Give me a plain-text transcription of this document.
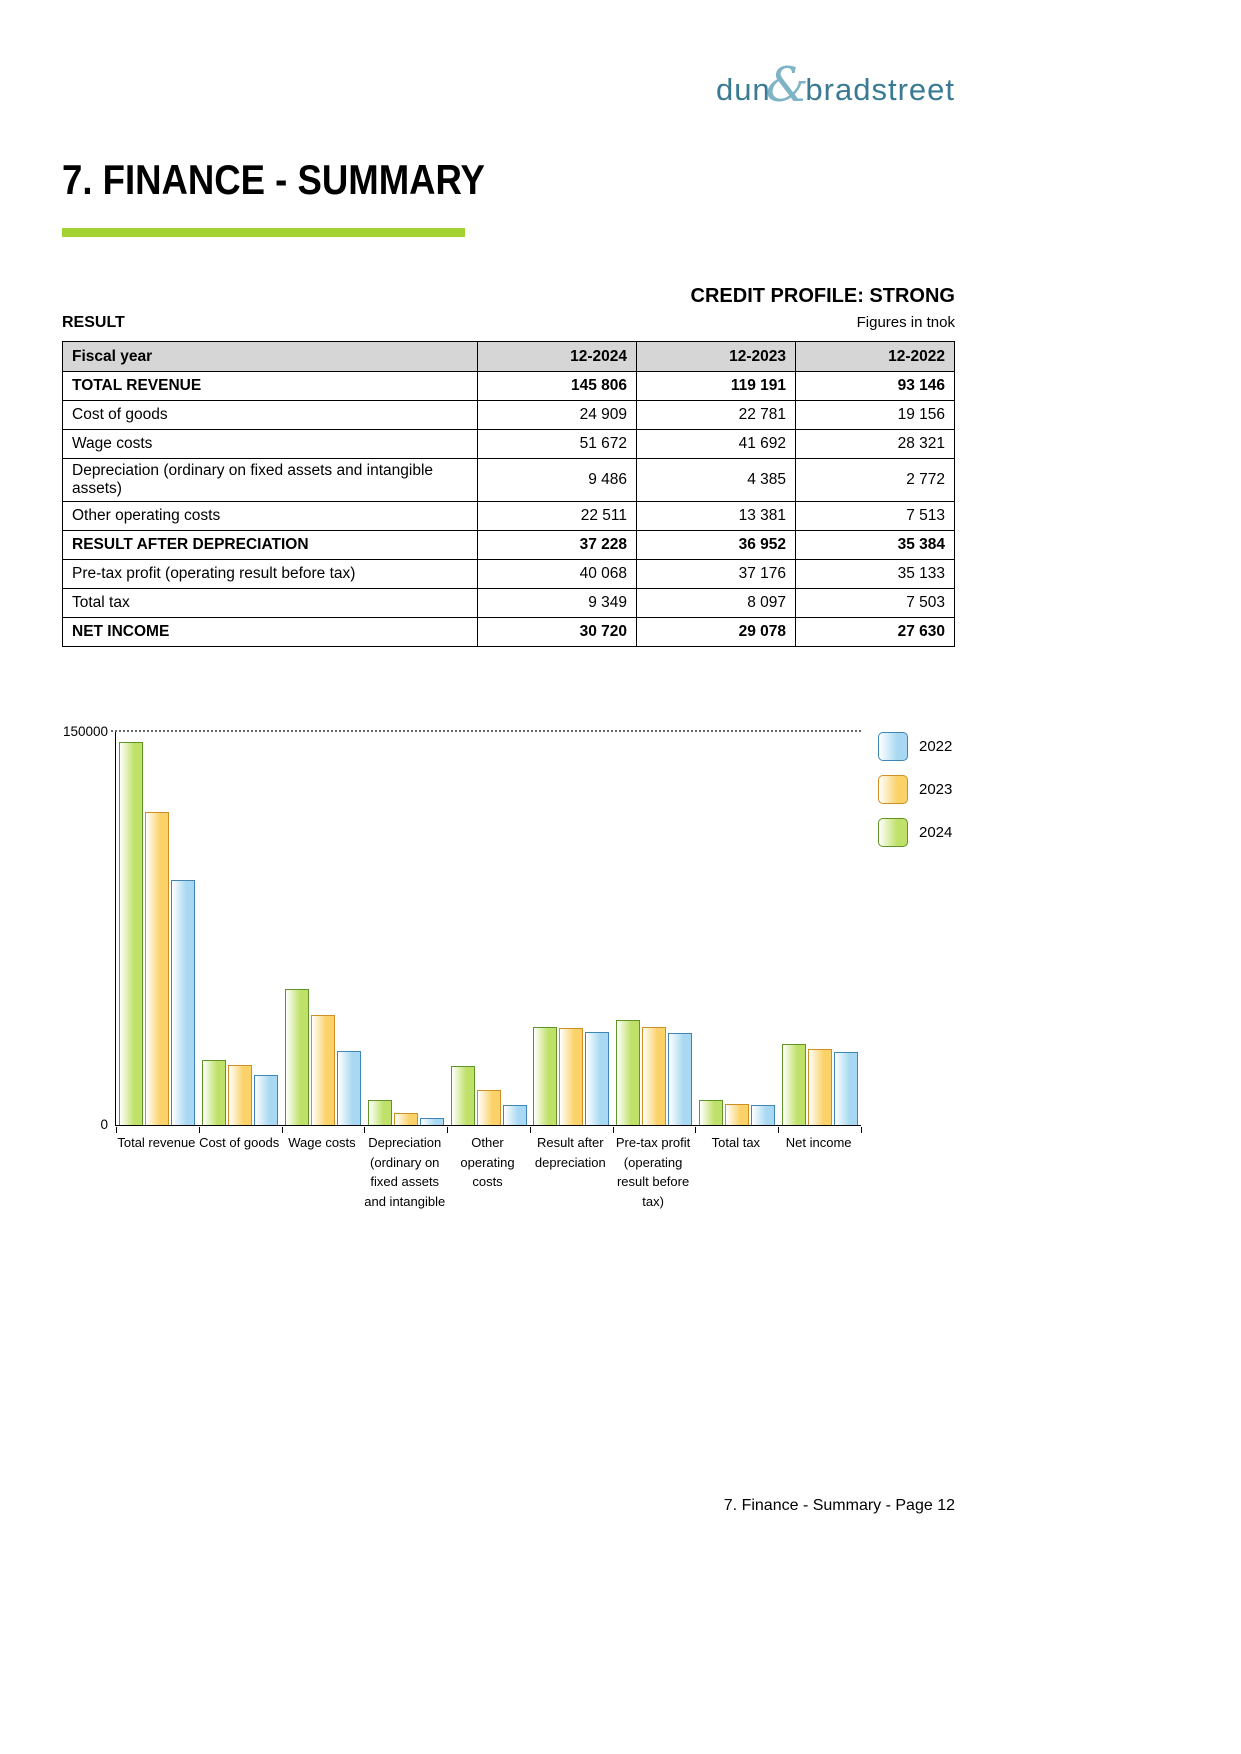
dun
&
bradstreet
7. FINANCE - SUMMARY
CREDIT PROFILE: STRONG
RESULT	Figures in tnok
Fiscal year	12-2024	12-2023	12-2022
TOTAL REVENUE	145 806	119 191	93 146
Cost of goods	24 909	22 781	19 156
Wage costs	51 672	41 692	28 321
Depreciation (ordinary on fixed assets and intangible assets)	9 486	4 385	2 772
Other operating costs	22 511	13 381	7 513
RESULT AFTER DEPRECIATION	37 228	36 952	35 384
Pre-tax profit (operating result before tax)	40 068	37 176	35 133
Total tax	9 349	8 097	7 503
NET INCOME	30 720	29 078	27 630
150000
0
Total revenue Cost of goods Wage costs Depreciation
(ordinary on
fixed assets
and intangible
Other
operating
costs
Result after
depreciation
Pre-tax profit
(operating
result before
tax)
Total tax	Net income
2022
2023
2024
7. Finance - Summary - Page 12
